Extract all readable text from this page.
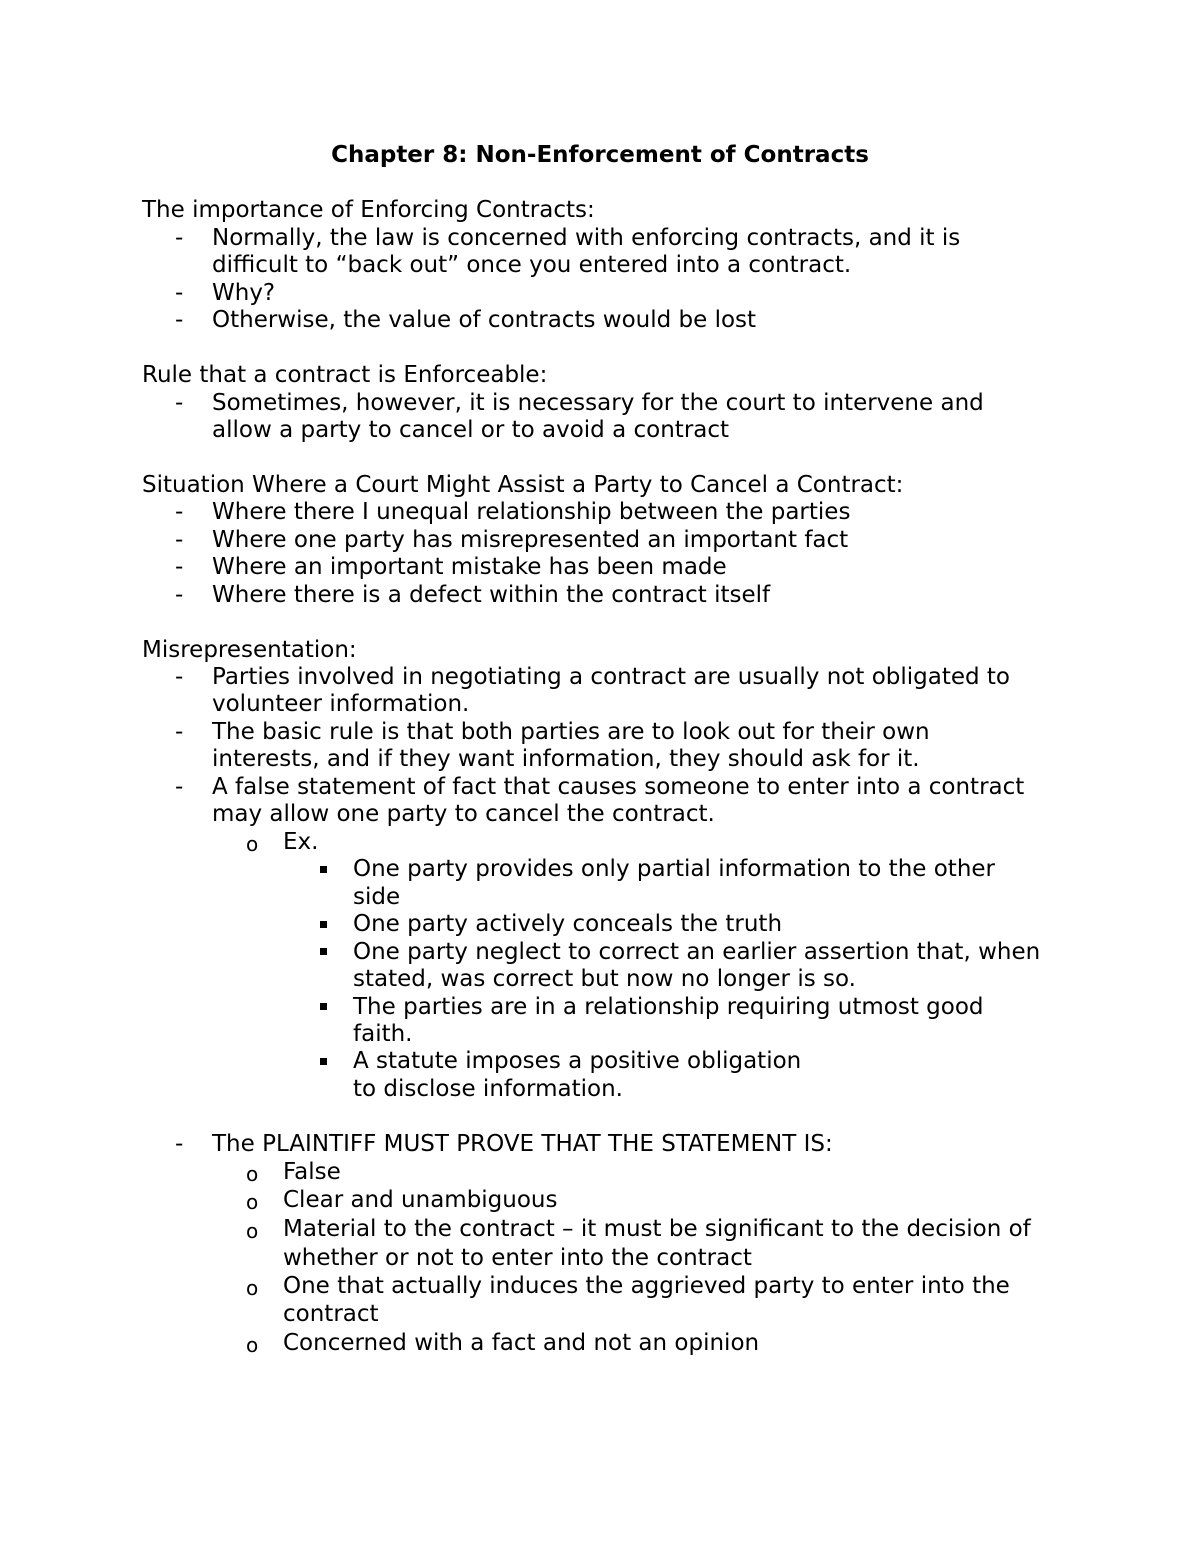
Chapter 8: Non-Enforcement of Contracts
The importance of Enforcing Contracts:
- Normally, the law is concerned with enforcing contracts, and it is
difficult to “back out” once you entered into a contract.
- Why?
- Otherwise, the value of contracts would be lost
Rule that a contract is Enforceable:
- Sometimes, however, it is necessary for the court to intervene and
allow a party to cancel or to avoid a contract
Situation Where a Court Might Assist a Party to Cancel a Contract:
- Where there I unequal relationship between the parties
- Where one party has misrepresented an important fact
- Where an important mistake has been made
- Where there is a defect within the contract itself
Misrepresentation:
- Parties involved in negotiating a contract are usually not obligated to
volunteer information.
- The basic rule is that both parties are to look out for their own
interests, and if they want information, they should ask for it.
- A false statement of fact that causes someone to enter into a contract
may allow one party to cancel the contract.
o Ex.
One party provides only partial information to the other
side
One party actively conceals the truth
One party neglect to correct an earlier assertion that, when
stated, was correct but now no longer is so.
The parties are in a relationship requiring utmost good
faith.
A statute imposes a positive obligation
to disclose information.
- The PLAINTIFF MUST PROVE THAT THE STATEMENT IS:
o False
o Clear and unambiguous
o Material to the contract – it must be significant to the decision of
whether or not to enter into the contract
o One that actually induces the aggrieved party to enter into the
contract
o Concerned with a fact and not an opinion
